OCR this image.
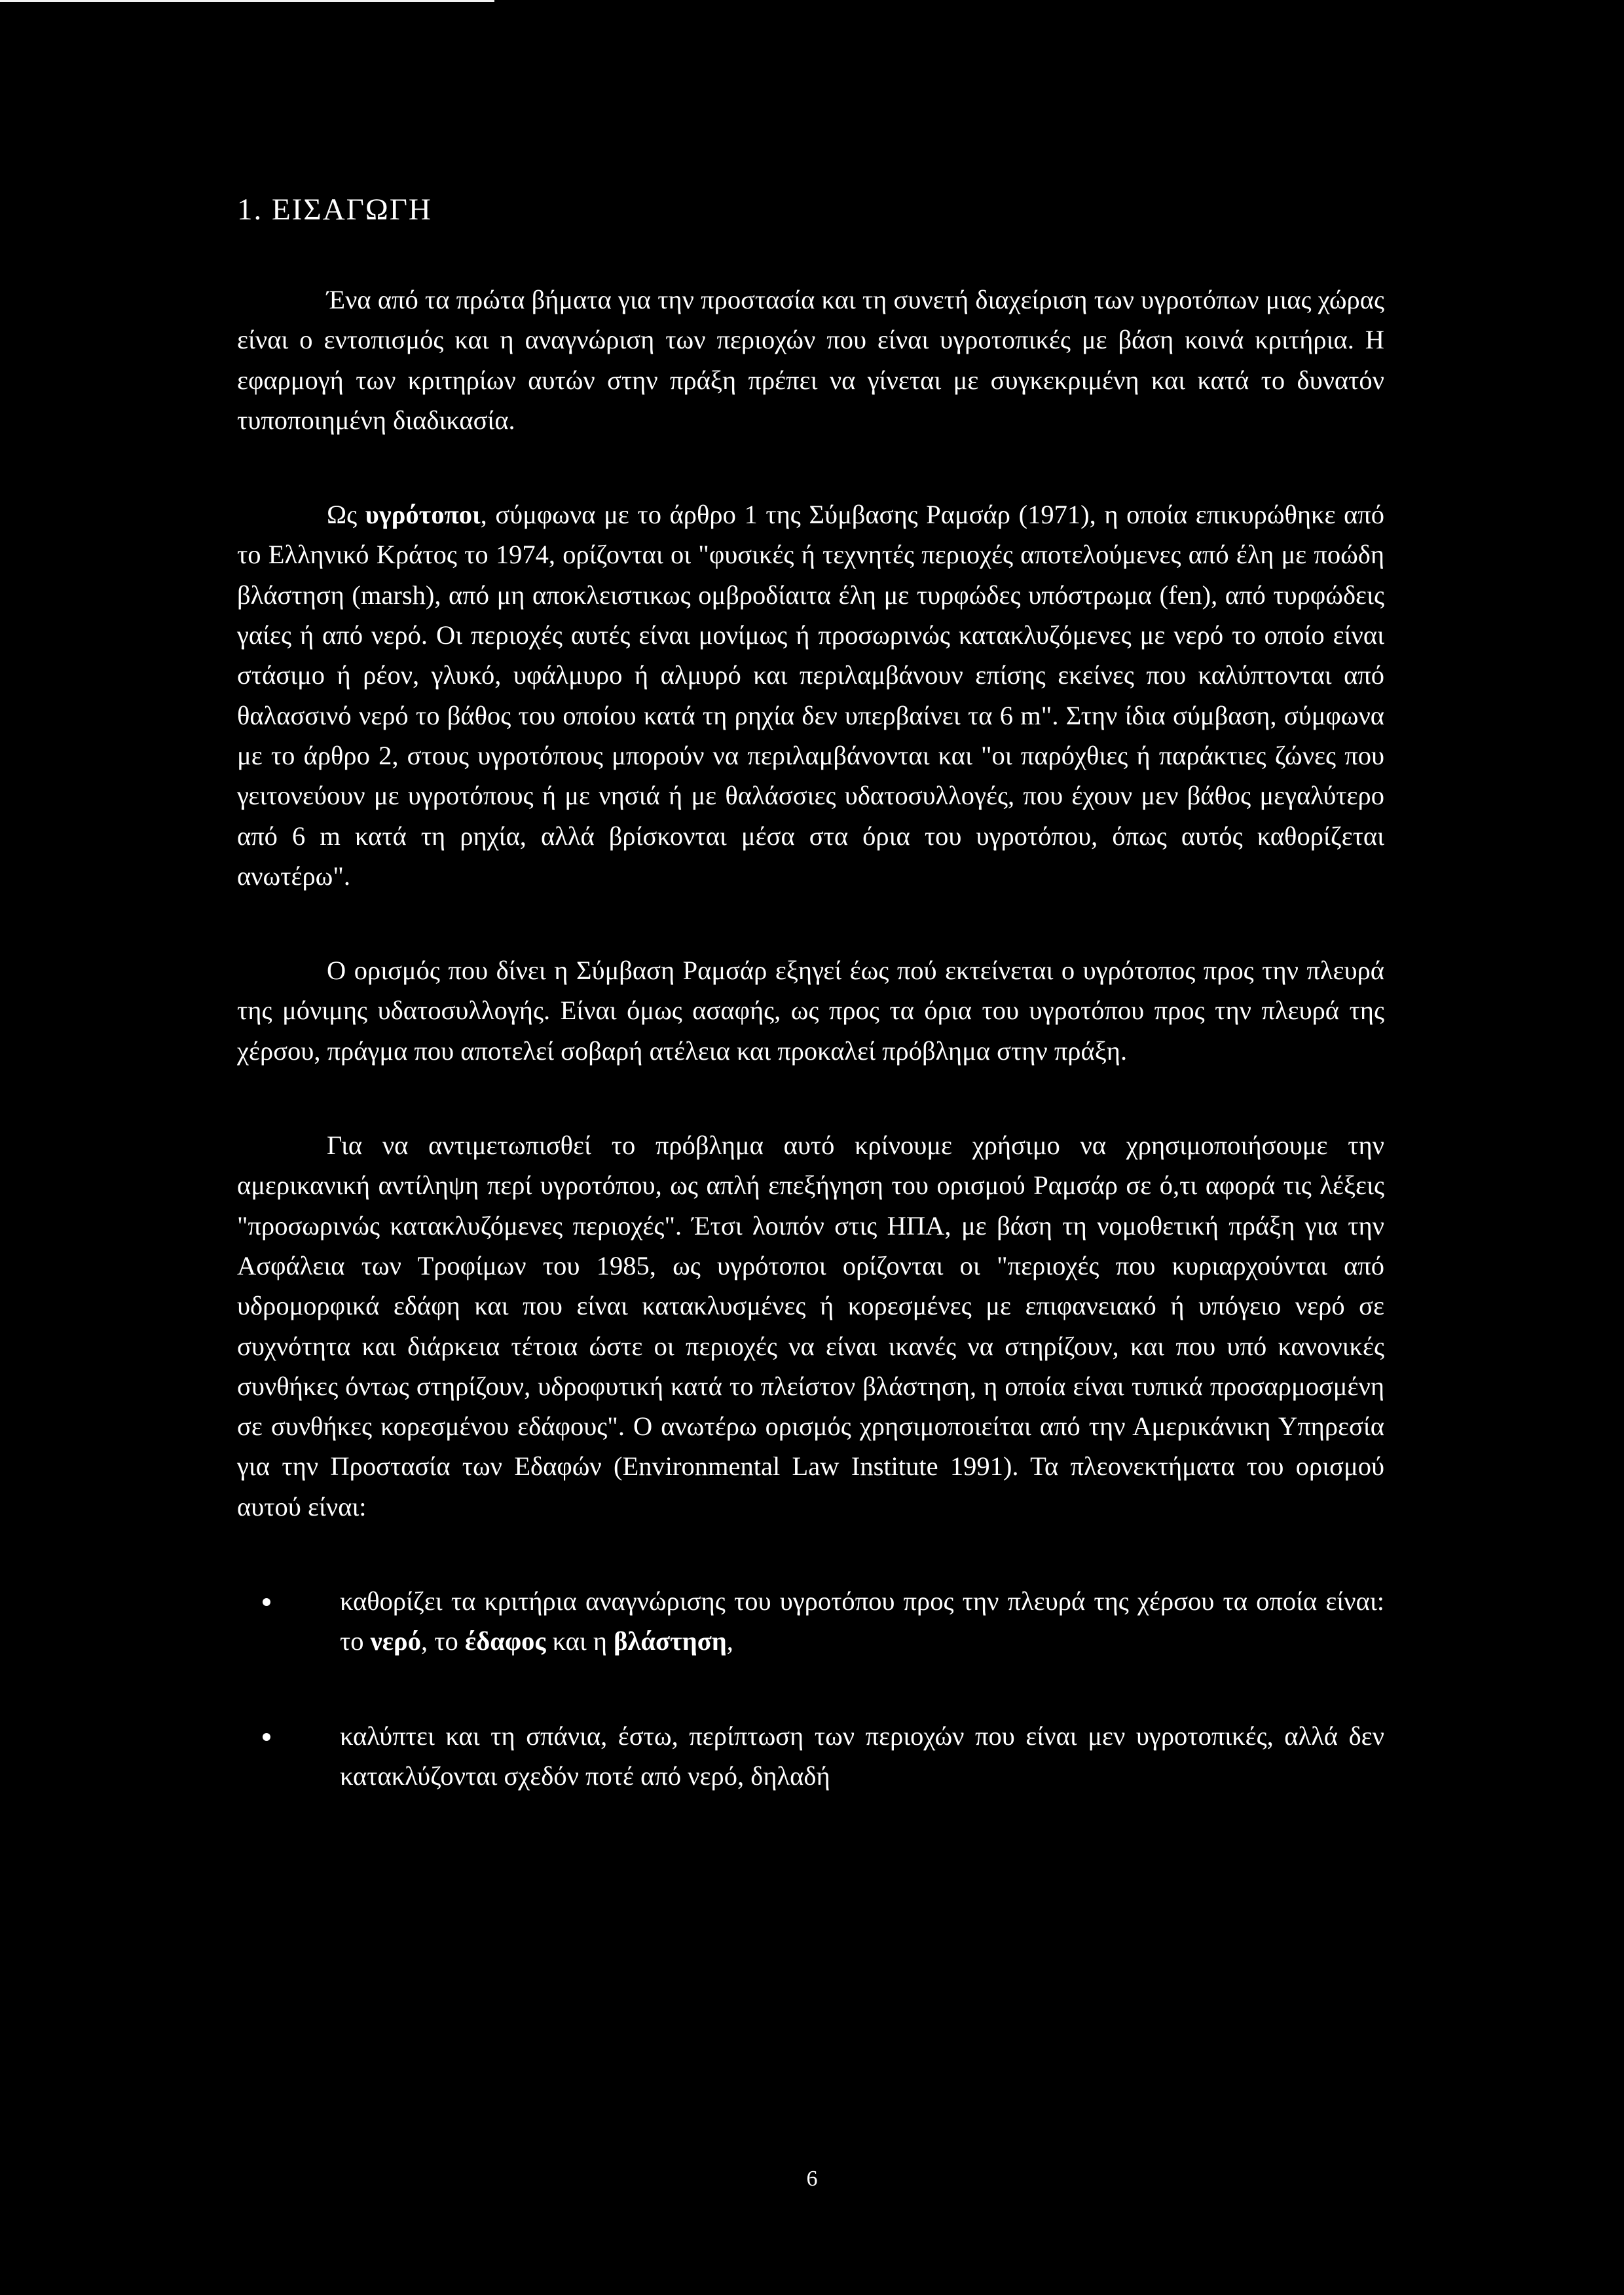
1. ΕΙΣΑΓΩΓΗ

Ένα από τα πρώτα βήματα για την προστασία και τη συνετή διαχείριση των υγροτόπων μιας χώρας είναι ο εντοπισμός και η αναγνώριση των περιοχών που είναι υγροτοπικές με βάση κοινά κριτήρια. Η εφαρμογή των κριτηρίων αυτών στην πράξη πρέπει να γίνεται με συγκεκριμένη και κατά το δυνατόν τυποποιημένη διαδικασία.

Ως υγρότοποι, σύμφωνα με το άρθρο 1 της Σύμβασης Ραμσάρ (1971), η οποία επικυρώθηκε από το Ελληνικό Κράτος το 1974, ορίζονται οι "φυσικές ή τεχνητές περιοχές αποτελούμενες από έλη με ποώδη βλάστηση (marsh), από μη αποκλειστικως ομβροδίαιτα έλη με τυρφώδες υπόστρωμα (fen), από τυρφώδεις γαίες ή από νερό. Οι περιοχές αυτές είναι μονίμως ή προσωρινώς κατακλυζόμενες με νερό το οποίο είναι στάσιμο ή ρέον, γλυκό, υφάλμυρο ή αλμυρό και περιλαμβάνουν επίσης εκείνες που καλύπτονται από θαλασσινό νερό το βάθος του οποίου κατά τη ρηχία δεν υπερβαίνει τα 6 m". Στην ίδια σύμβαση, σύμφωνα με το άρθρο 2, στους υγροτόπους μπορούν να περιλαμβάνονται και "οι παρόχθιες ή παράκτιες ζώνες που γειτονεύουν με υγροτόπους ή με νησιά ή με θαλάσσιες υδατοσυλλογές, που έχουν μεν βάθος μεγαλύτερο από 6 m κατά τη ρηχία, αλλά βρίσκονται μέσα στα όρια του υγροτόπου, όπως αυτός καθορίζεται ανωτέρω".

Ο ορισμός που δίνει η Σύμβαση Ραμσάρ εξηγεί έως πού εκτείνεται ο υγρότοπος προς την πλευρά της μόνιμης υδατοσυλλογής. Είναι όμως ασαφής, ως προς τα όρια του υγροτόπου προς την πλευρά της χέρσου, πράγμα που αποτελεί σοβαρή ατέλεια και προκαλεί πρόβλημα στην πράξη.

Για να αντιμετωπισθεί το πρόβλημα αυτό κρίνουμε χρήσιμο να χρησιμοποιήσουμε την αμερικανική αντίληψη περί υγροτόπου, ως απλή επεξήγηση του ορισμού Ραμσάρ σε ό,τι αφορά τις λέξεις "προσωρινώς κατακλυζόμενες περιοχές". Έτσι λοιπόν στις ΗΠΑ, με βάση τη νομοθετική πράξη για την Ασφάλεια των Τροφίμων του 1985, ως υγρότοποι ορίζονται οι "περιοχές που κυριαρχούνται από υδρομορφικά εδάφη και που είναι κατακλυσμένες ή κορεσμένες με επιφανειακό ή υπόγειο νερό σε συχνότητα και διάρκεια τέτοια ώστε οι περιοχές να είναι ικανές να στηρίζουν, και που υπό κανονικές συνθήκες όντως στηρίζουν, υδροφυτική κατά το πλείστον βλάστηση, η οποία είναι τυπικά προσαρμοσμένη σε συνθήκες κορεσμένου εδάφους". Ο ανωτέρω ορισμός χρησιμοποιείται από την Αμερικάνικη Υπηρεσία για την Προστασία των Εδαφών (Environmental Law Institute 1991). Τα πλεονεκτήματα του ορισμού αυτού είναι:

καθορίζει τα κριτήρια αναγνώρισης του υγροτόπου προς την πλευρά της χέρσου τα οποία είναι: το νερό, το έδαφος και η βλάστηση,
καλύπτει και τη σπάνια, έστω, περίπτωση των περιοχών που είναι μεν υγροτοπικές, αλλά δεν κατακλύζονται σχεδόν ποτέ από νερό, δηλαδή
6
